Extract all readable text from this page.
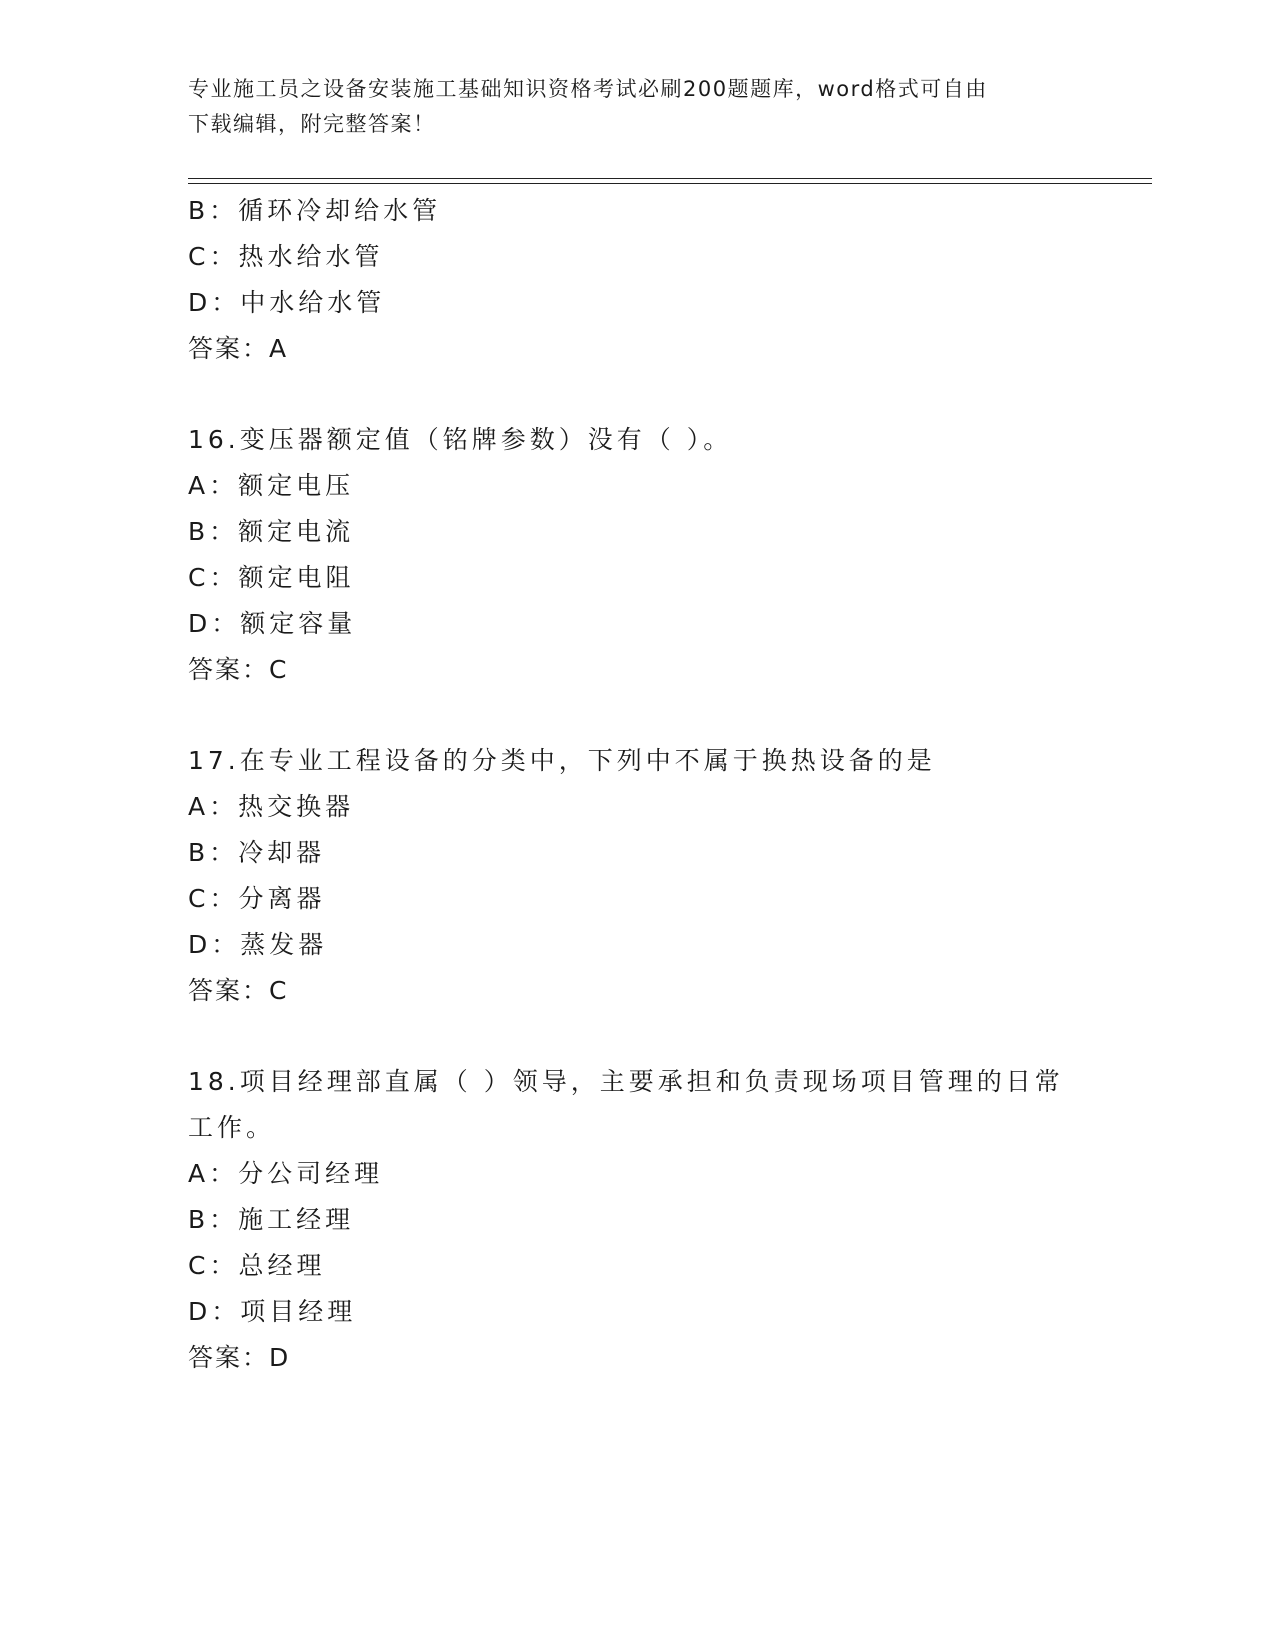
专业施工员之设备安装施工基础知识资格考试必刷200题题库，word格式可自由
下载编辑，附完整答案！
B：循环冷却给水管
C：热水给水管
D：中水给水管
答案：A
16.变压器额定值（铭牌参数）没有（ ）。
A：额定电压
B：额定电流
C：额定电阻
D：额定容量
答案：C
17.在专业工程设备的分类中，下列中不属于换热设备的是
A：热交换器
B：冷却器
C：分离器
D：蒸发器
答案：C
18.项目经理部直属（ ）领导，主要承担和负责现场项目管理的日常
工作。
A：分公司经理
B：施工经理
C：总经理
D：项目经理
答案：D
